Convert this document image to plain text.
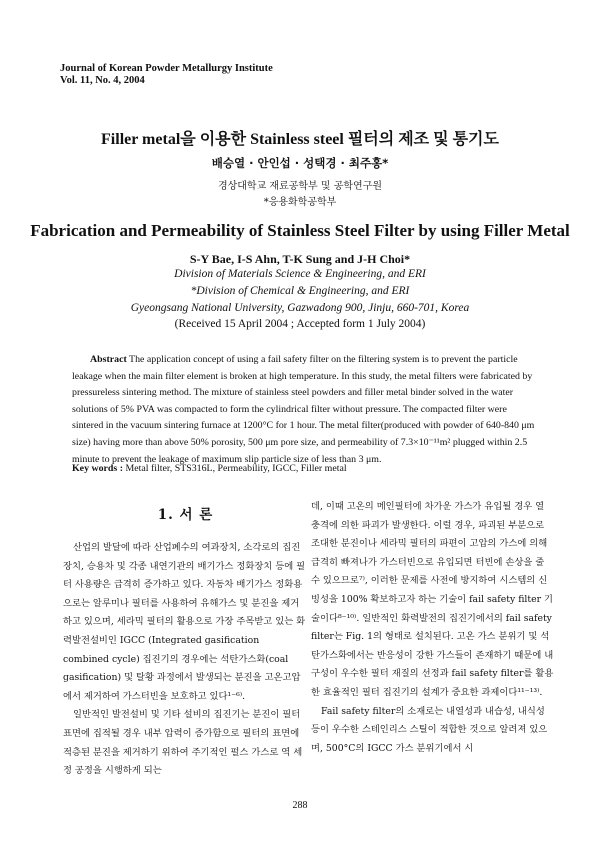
Journal of Korean Powder Metallurgy Institute
Vol. 11, No. 4, 2004
Filler metal을 이용한 Stainless steel 필터의 제조 및 통기도
배승열 · 안인섭 · 성택경 · 최주홍*
경상대학교 재료공학부 및 공학연구원
*응용화학공학부
Fabrication and Permeability of Stainless Steel Filter by using Filler Metal
S-Y Bae, I-S Ahn, T-K Sung and J-H Choi*
Division of Materials Science & Engineering, and ERI
*Division of Chemical & Engineering, and ERI
Gyeongsang National University, Gazwadong 900, Jinju, 660-701, Korea
(Received 15 April 2004 ; Accepted form 1 July 2004)
Abstract The application concept of using a fail safety filter on the filtering system is to prevent the particle leakage when the main filter element is broken at high temperature. In this study, the metal filters were fabricated by pressureless sintering method. The mixture of stainless steel powders and filler metal binder solved in the water solutions of 5% PVA was compacted to form the cylindrical filter without pressure. The compacted filter were sintered in the vacuum sintering furnace at 1200°C for 1 hour. The metal filter(produced with powder of 640-840 μm size) having more than above 50% porosity, 500 μm pore size, and permeability of 7.3×10⁻¹¹m² plugged within 2.5 minute to prevent the leakage of maximum slip particle size of less than 3 μm.
Key words : Metal filter, STS316L, Permeability, IGCC, Filler metal
1. 서 론

산업의 발달에 따라 산업폐수의 여과장치, 소각로의 집진장치, 승용차 및 각종 내연기관의 배기가스 정화장치 등에 필터 사용량은 급격히 증가하고 있다. 자동차 배기가스 정화용으로는 알루미나 필터를 사용하여 유해가스 및 분진을 제거하고 있으며, 세라믹 필터의 활용으로 가장 주목받고 있는 화력발전설비인 IGCC (Integrated gasification combined cycle) 집진기의 경우에는 석탄가스화(coal gasification) 및 탈황 과정에서 발생되는 분진을 고온고압에서 제거하여 가스터빈을 보호하고 있다¹⁻⁶⁾.

일반적인 발전설비 및 기타 설비의 집진기는 분진이 필터 표면에 집적될 경우 내부 압력이 증가함으로 필터의 표면에 적층된 분진을 제거하기 위하여 주기적인 펄스 가스로 역 세정 공정을 시행하게 되는

데, 이때 고온의 메인필터에 차가운 가스가 유입될 경우 열 충격에 의한 파괴가 발생한다. 이럴 경우, 파괴된 부분으로 조대한 분진이나 세라믹 필터의 파편이 고압의 가스에 의해 급격히 빠져나가 가스터빈으로 유입되면 터빈에 손상을 줄 수 있으므로⁷⁾, 이러한 문제를 사전에 방지하여 시스템의 신빙성을 100% 확보하고자 하는 기술이 fail safety filter 기술이다⁸⁻¹⁰⁾. 일반적인 화력발전의 집진기에서의 fail safety filter는 Fig. 1의 형태로 설치된다. 고온 가스 분위기 및 석탄가스화에서는 반응성이 강한 가스들이 존재하기 때문에 내구성이 우수한 필터 재질의 선정과 fail safety filter를 활용한 효율적인 필터 집진기의 설계가 중요한 과제이다¹¹⁻¹³⁾.

Fail safety filter의 소재로는 내열성과 내습성, 내식성 등이 우수한 스테인리스 스틸이 적합한 것으로 알려져 있으며, 500°C의 IGCC 가스 분위기에서 시

288
